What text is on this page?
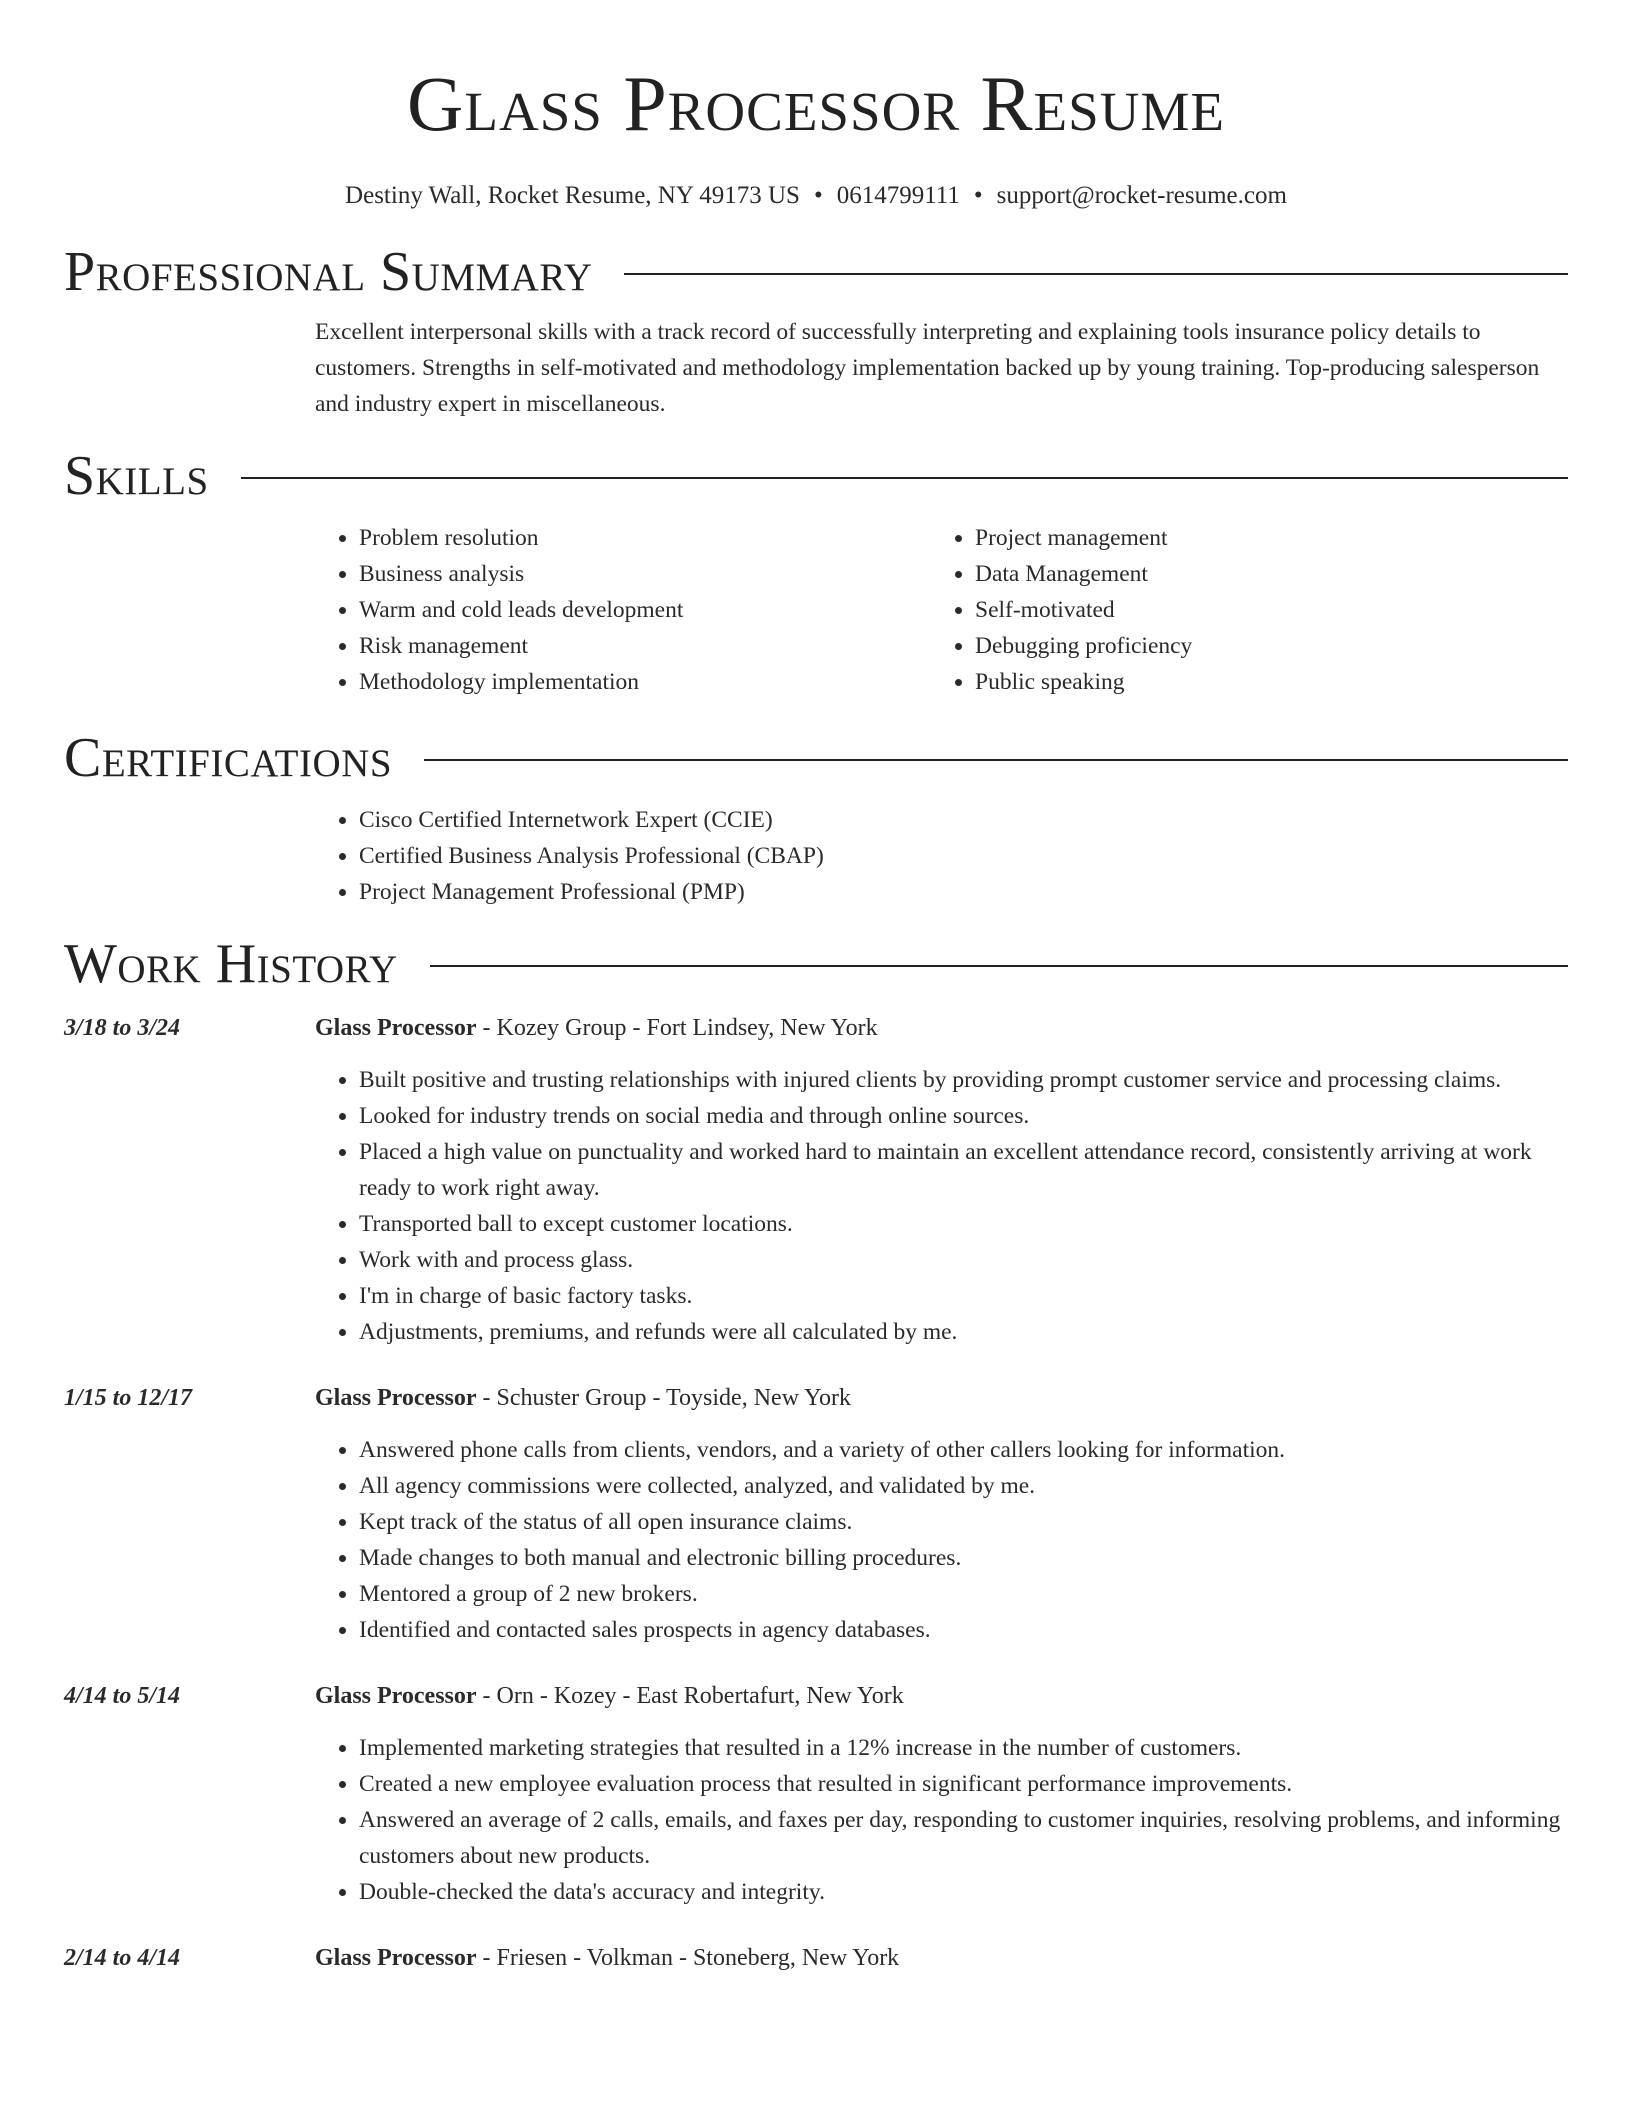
Glass Processor Resume
Destiny Wall, Rocket Resume, NY 49173 US • 0614799111 • support@rocket-resume.com
Professional Summary
Excellent interpersonal skills with a track record of successfully interpreting and explaining tools insurance policy details to customers. Strengths in self-motivated and methodology implementation backed up by young training. Top-producing salesperson and industry expert in miscellaneous.
Skills
• Problem resolution
• Business analysis
• Warm and cold leads development
• Risk management
• Methodology implementation
• Project management
• Data Management
• Self-motivated
• Debugging proficiency
• Public speaking
Certifications
• Cisco Certified Internetwork Expert (CCIE)
• Certified Business Analysis Professional (CBAP)
• Project Management Professional (PMP)
Work History
3/18 to 3/24	Glass Processor - Kozey Group - Fort Lindsey, New York
• Built positive and trusting relationships with injured clients by providing prompt customer service and processing claims.
• Looked for industry trends on social media and through online sources.
• Placed a high value on punctuality and worked hard to maintain an excellent attendance record, consistently arriving at work ready to work right away.
• Transported ball to except customer locations.
• Work with and process glass.
• I'm in charge of basic factory tasks.
• Adjustments, premiums, and refunds were all calculated by me.
1/15 to 12/17	Glass Processor - Schuster Group - Toyside, New York
• Answered phone calls from clients, vendors, and a variety of other callers looking for information.
• All agency commissions were collected, analyzed, and validated by me.
• Kept track of the status of all open insurance claims.
• Made changes to both manual and electronic billing procedures.
• Mentored a group of 2 new brokers.
• Identified and contacted sales prospects in agency databases.
4/14 to 5/14	Glass Processor - Orn - Kozey - East Robertafurt, New York
• Implemented marketing strategies that resulted in a 12% increase in the number of customers.
• Created a new employee evaluation process that resulted in significant performance improvements.
• Answered an average of 2 calls, emails, and faxes per day, responding to customer inquiries, resolving problems, and informing customers about new products.
• Double-checked the data's accuracy and integrity.
2/14 to 4/14	Glass Processor - Friesen - Volkman - Stoneberg, New York
